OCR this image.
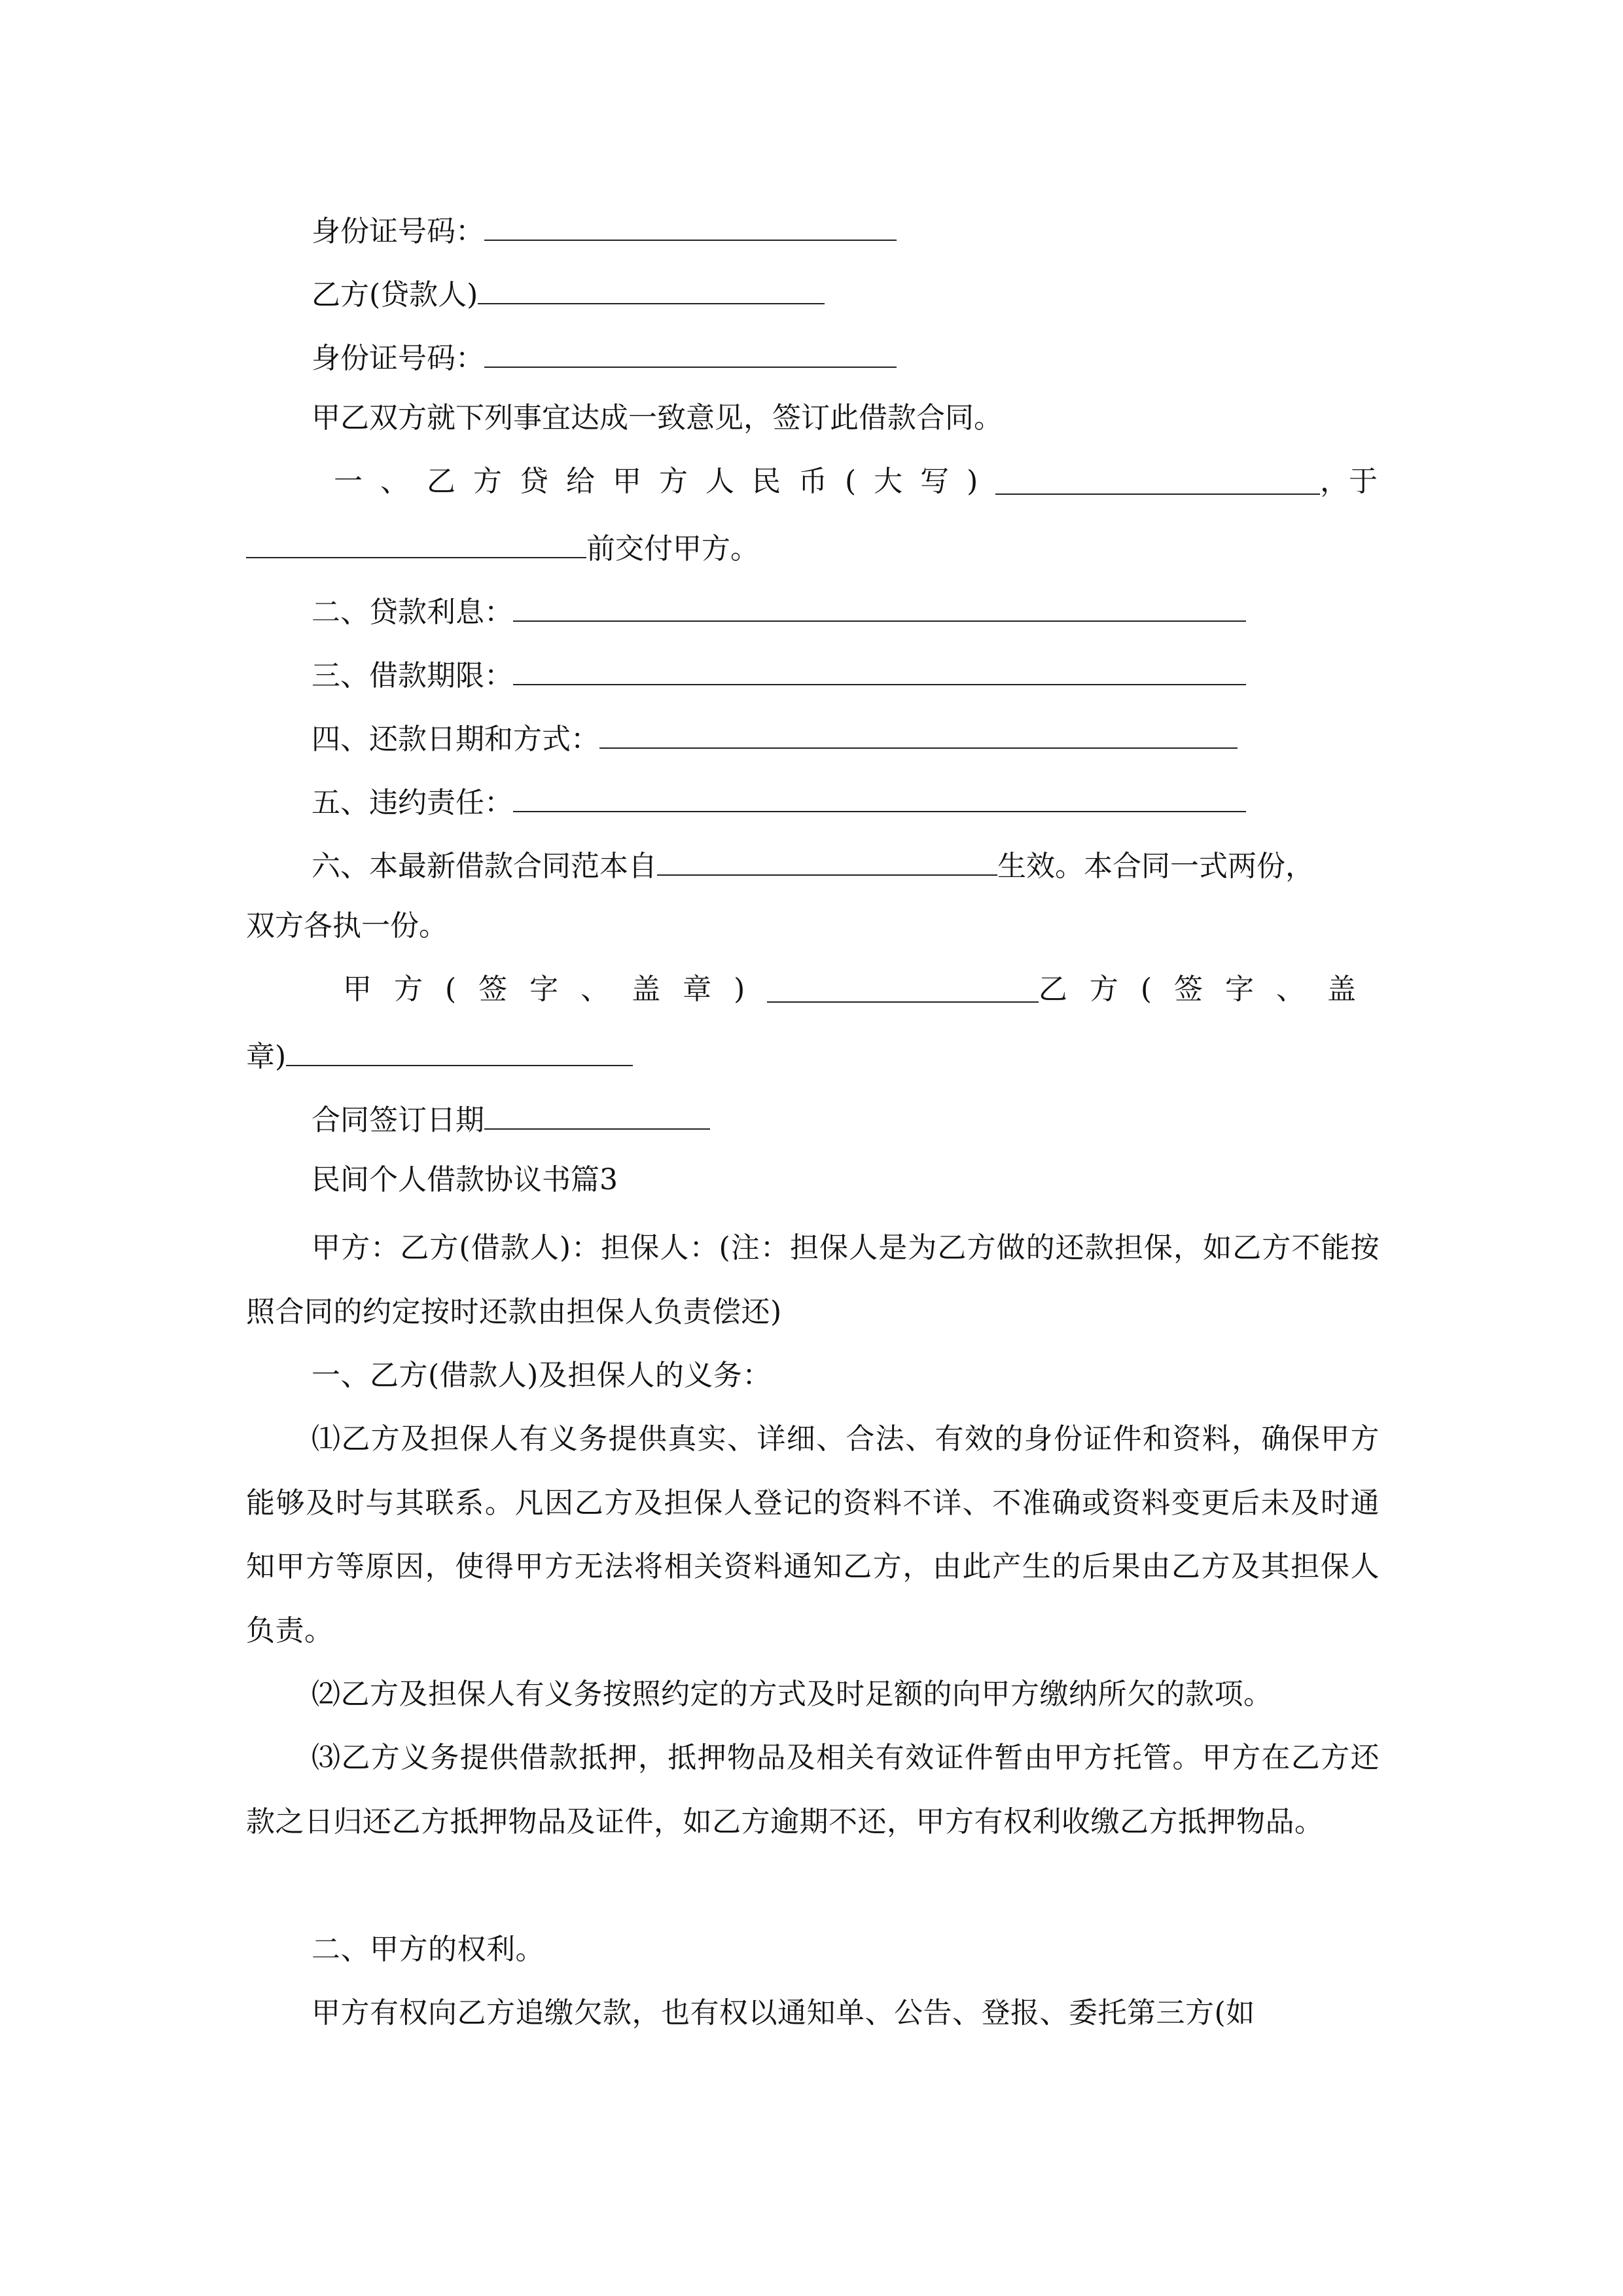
身份证号码：
乙方(贷款人)
身份证号码：
甲乙双方就下列事宜达成一致意见，签订此借款合同。
一、乙方贷给甲方人民币(大写)	， 于
前交付甲方。
二、贷款利息：
三、借款期限：
四、还款日期和方式：
五、违约责任：
六、本最新借款合同范本自	生效。本合同一式两份，
双方各执一份。
甲方(签字、盖章)	乙方(签字、盖
章)
合同签订日期
民间个人借款协议书篇3
甲方：乙方(借款人)：担保人：(注：担保人是为乙方做的还款担保，如乙方不能按照合同的约定按时还款由担保人负责偿还)
一、乙方(借款人)及担保人的义务：
⑴乙方及担保人有义务提供真实、详细、合法、有效的身份证件和资料，确保甲方能够及时与其联系。凡因乙方及担保人登记的资料不详、不准确或资料变更后未及时通知甲方等原因，使得甲方无法将相关资料通知乙方，由此产生的后果由乙方及其担保人负责。
⑵乙方及担保人有义务按照约定的方式及时足额的向甲方缴纳所欠的款项。
⑶乙方义务提供借款抵押，抵押物品及相关有效证件暂由甲方托管。甲方在乙方还款之日归还乙方抵押物品及证件，如乙方逾期不还，甲方有权利收缴乙方抵押物品。
二、甲方的权利。
甲方有权向乙方追缴欠款，也有权以通知单、公告、登报、委托第三方(如
